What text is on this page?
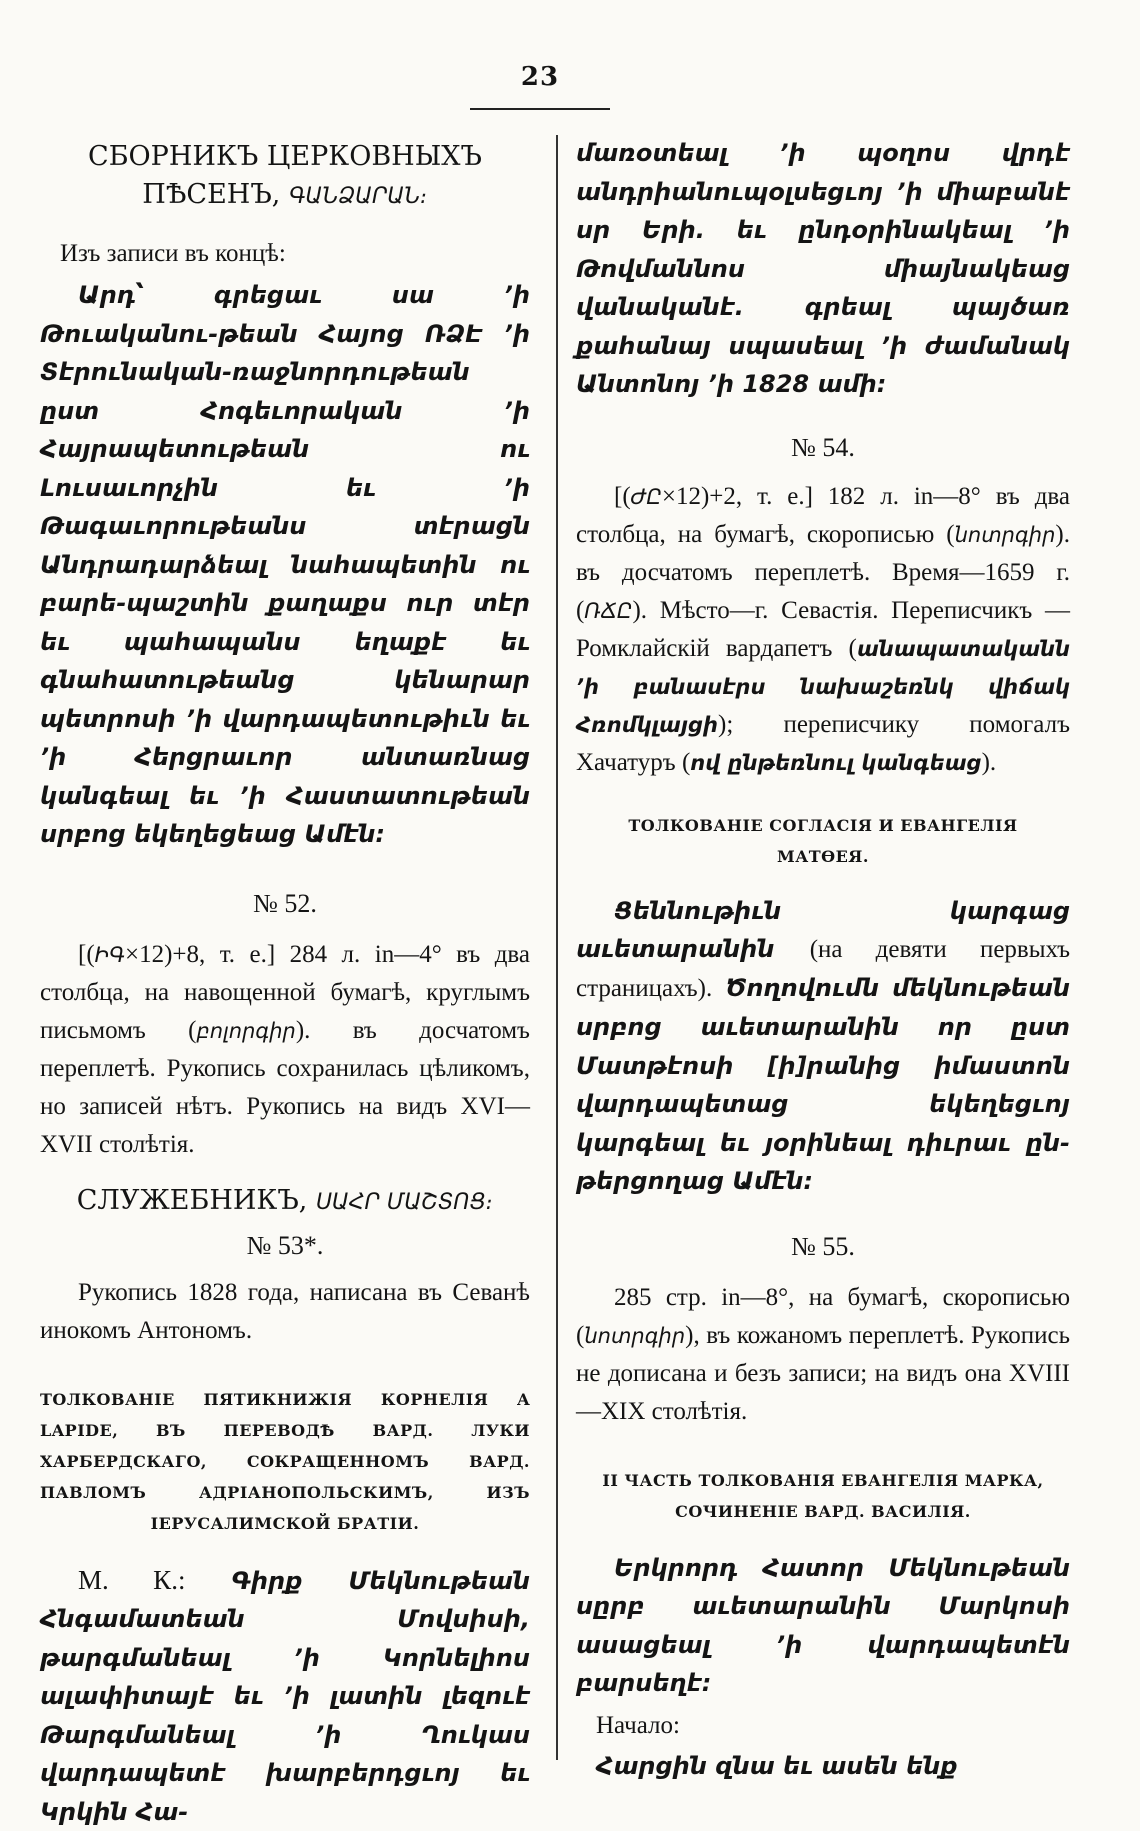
23

СБОРНИКЪ ЦЕРКОВНЫХЪ ПѢСЕНЪ, ԳԱՆՁԱՐԱՆ։

Изъ записи въ концѣ:

Արդ՝ գրեցաւ սա ՚ի Թուականու-թեան Հայոց ՌՁԷ ՚ի Տէրունական-ռաջնորդութեան ըստ Հոգեւորական ՚ի Հայրապետութեան ու Լուսաւորչին եւ ՚ի Թագաւորութեանս տէրացն Անդրադարձեալ նահապետին ու բարե-պաշտին քաղաքս ուր տէր եւ պահապանս եղաքէ եւ գնահատութեանց կենարար պետրոսի ՚ի վարդապետութիւն եւ ՚ի Հերցրաւոր անտառնաց կանգեալ եւ ՚ի Հաստատութեան սրբոց եկեղեցեաց Ամէն։

№ 52.

[(ԻԳ×12)+8, т. e.] 284 л. in—4° въ два столбца, на навощенной бумагѣ, круглымъ письмомъ (բոլորգիր). въ досчатомъ переплетѣ. Рукопись сохранилась цѣликомъ, но записей нѣтъ. Рукопись на видъ XVI—XVII столѣтія.

СЛУЖЕБНИКЪ, ՍԱՀՐ ՄԱՇՏՈՑ։

№ 53*.

Рукопись 1828 года, написана въ Севанѣ инокомъ Антономъ.

ТОЛКОВАНІЕ ПЯТИКНИЖІЯ КОРНЕЛІЯ A LAPIDE, ВЪ ПЕРЕВОДѢ ВАРД. ЛУКИ ХАРБЕРДСКАГО, СОКРАЩЕННОМЪ ВАРД. ПАВЛОМЪ АДРІАНОПОЛЬСКИМЪ, ИЗЪ ІЕРУСАЛИМСКОЙ БРАТІИ.

М. К.: Գիրք Մեկնութեան Հնգամատեան Մովսիսի, թարգմանեալ ՚ի Կորնելիոս ալափիտայէ եւ ՚ի լատին լեզուէ Թարգմանեալ ՚ի Ղուկաս վարդապետէ խարբերդցւոյ եւ Կրկին Հա-

մառօտեալ ՚ի պօղոս վրդէ անդրիանուպօլսեցւոյ ՚ի միաբանէ սր Երի. եւ ընդօրինակեալ ՚ի Թովմաննոս միայնակեաց վանականէ. գրեալ պայծառ քահանայ սպասեալ ՚ի ժամանակ Անտոնոյ ՚ի 1828 ամի։

№ 54.

[(ԺԸ×12)+2, т. e.] 182 л. in—8° въ два столбца, на бумагѣ, скорописью (նոտրգիր). въ досчатомъ переплетѣ. Время—1659 г.(ՌՃԸ). Мѣсто—г. Севастія. Переписчикъ — Ромклайскій вардапетъ (անապատականն ՚ի բանասէրս նախաշեռնկ վիճակ Հռոմկլայցի); переписчику помогалъ Хачатуръ (ով ընթեռնուլ կանգեաց).

ТОЛКОВАНІЕ СОГЛАСІЯ И ЕВАНГЕЛІЯ МАТѲЕЯ.

Ցեննութիւն կարգաց աւետարանին (на девяти первыхъ страницахъ). Ծողովումն մեկնութեան սրբոց աւետարանին որ ըստ Մատթէոսի [ի]րանից իմաստոն վարդապետաց եկեղեցւոյ կարգեալ եւ յօրինեալ դիւրաւ ըն-թերցողաց Ամէն։

№ 55.

285 стр. in—8°, на бумагѣ, скорописью (նոտրգիր), въ кожаномъ переплетѣ. Рукопись не дописана и безъ записи; на видъ она XVIII—XIX столѣтія.

II ЧАСТЬ ТОЛКОВАНІЯ ЕВАНГЕЛІЯ МАРКА, СОЧИНЕНІЕ ВАРД. ВАСИЛІЯ.

Երկրորդ Հատոր Մեկնութեան սըրբ աւետարանին Մարկոսի ասացեալ ՚ի վարդապետէն բարսեղէ։

Начало:

Հարցին զնա եւ ասեն ենք
